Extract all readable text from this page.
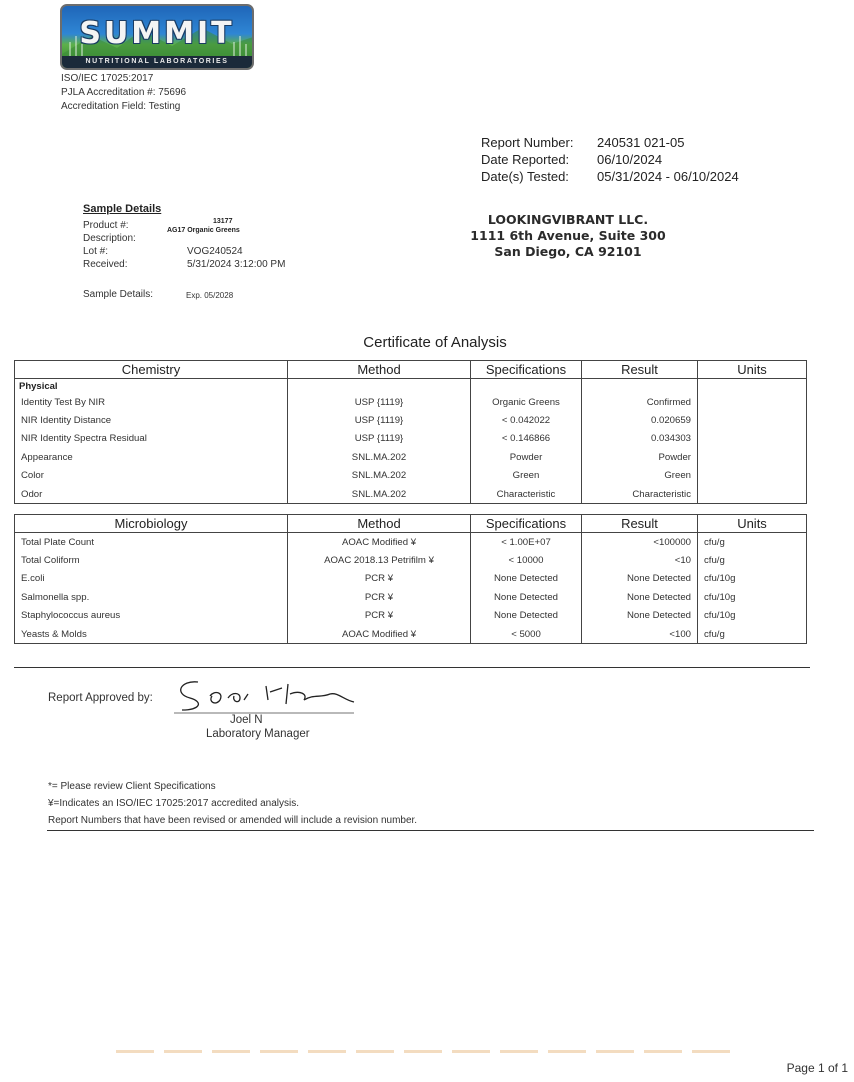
SUMMIT
NUTRITIONAL LABORATORIES
ISO/IEC 17025:2017
PJLA Accreditation #: 75696
Accreditation Field: Testing
Report Number:	240531 021-05
Date Reported:	06/10/2024
Date(s) Tested:	05/31/2024 - 06/10/2024
LOOKINGVIBRANT LLC.
1111 6th Avenue, Suite 300
San Diego, CA 92101
Sample Details
Product #:	13177
Description:
AG17 Organic Greens
Lot #:	VOG240524
Received:	5/31/2024 3:12:00 PM
Sample Details:	Exp. 05/2028
Certificate of Analysis
Chemistry	Method	Specifications	Result	Units
Physical				
Identity Test By NIR	USP {1119}	Organic Greens	Confirmed	
NIR Identity Distance	USP {1119}	< 0.042022	0.020659	
NIR Identity Spectra Residual	USP {1119}	< 0.146866	0.034303	
Appearance	SNL.MA.202	Powder	Powder	
Color	SNL.MA.202	Green	Green	
Odor	SNL.MA.202	Characteristic	Characteristic	
Microbiology	Method	Specifications	Result	Units
Total Plate Count	AOAC Modified ¥	< 1.00E+07	<100000	cfu/g
Total Coliform	AOAC 2018.13 Petrifilm ¥	< 10000	<10	cfu/g
E.coli	PCR ¥	None Detected	None Detected	cfu/10g
Salmonella spp.	PCR ¥	None Detected	None Detected	cfu/10g
Staphylococcus aureus	PCR ¥	None Detected	None Detected	cfu/10g
Yeasts & Molds	AOAC Modified ¥	< 5000	<100	cfu/g
Report Approved by:
Joel N
Laboratory Manager
*= Please review Client Specifications
¥=Indicates an ISO/IEC 17025:2017 accredited analysis.
Report Numbers that have been revised or amended will include a revision number.
Page 1 of 1
